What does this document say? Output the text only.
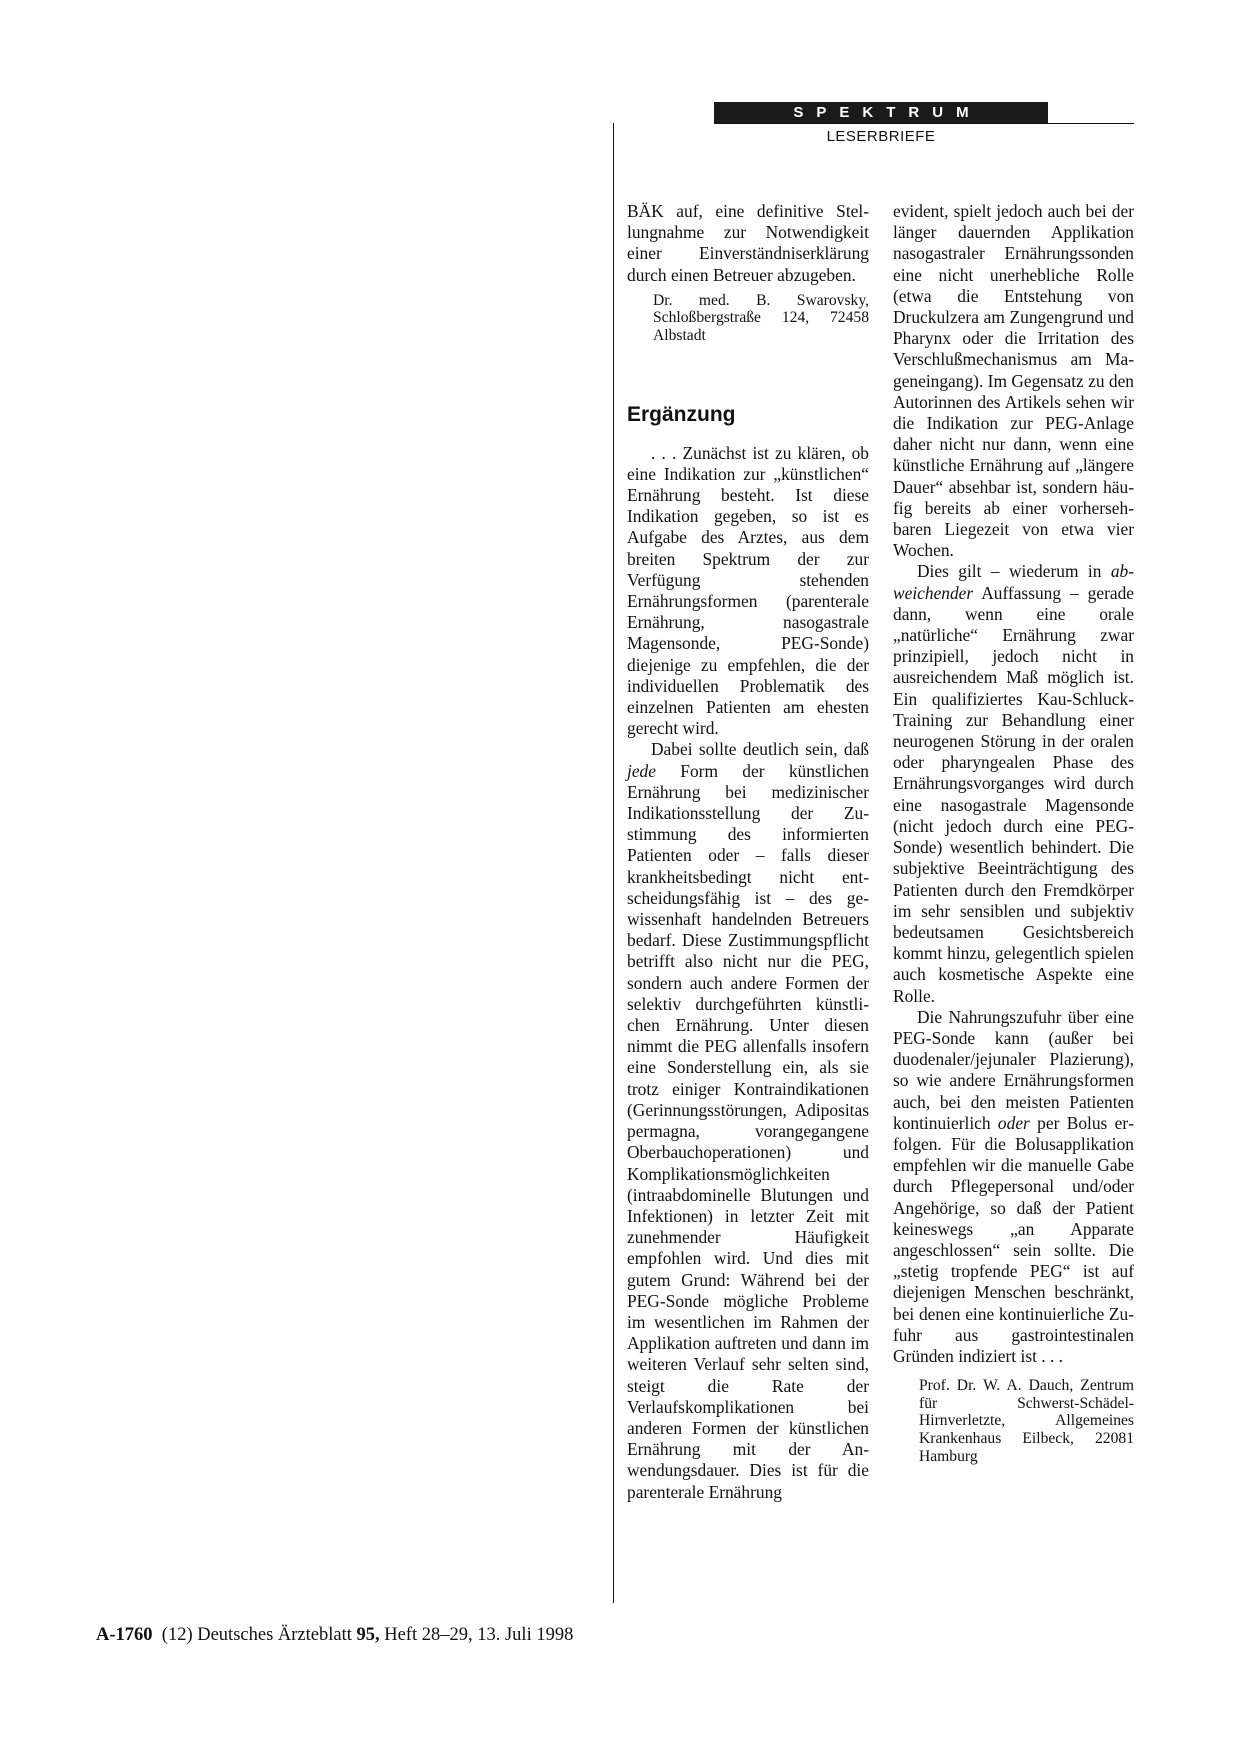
SPEKTRUM
LESERBRIEFE

BÄK auf, eine definitive Stellungnahme zur Notwendigkeit einer Einverständniserklärung durch einen Betreuer abzugeben.

Dr. med. B. Swarovsky, Schloßbergstraße 124, 72458 Albstadt
Ergänzung

. . . Zunächst ist zu klären, ob eine Indikation zur „künstlichen“ Ernährung besteht. Ist diese Indikation gegeben, so ist es Aufgabe des Arztes, aus dem breiten Spektrum der zur Verfügung stehenden Ernährungsformen (parenterale Ernährung, nasogastrale Magensonde, PEG-Sonde) diejenige zu empfehlen, die der individuellen Problematik des einzelnen Patienten am ehesten gerecht wird.

Dabei sollte deutlich sein, daß jede Form der künstlichen Ernährung bei medizinischer Indikationsstellung der Zustimmung des informierten Patienten oder – falls dieser krankheitsbedingt nicht entscheidungsfähig ist – des gewissenhaft handelnden Betreuers bedarf. Diese Zustimmungspflicht betrifft also nicht nur die PEG, sondern auch andere Formen der selektiv durchgeführten künstlichen Ernährung. Unter diesen nimmt die PEG allenfalls insofern eine Sonderstellung ein, als sie trotz einiger Kontraindikationen (Gerinnungsstörungen, Adipositas permagna, vorangegangene Oberbauchoperationen) und Komplikationsmöglichkeiten (intraabdominelle Blutungen und Infektionen) in letzter Zeit mit zunehmender Häufigkeit empfohlen wird. Und dies mit gutem Grund: Während bei der PEG-Sonde mögliche Probleme im wesentlichen im Rahmen der Applikation auftreten und dann im weiteren Verlauf sehr selten sind, steigt die Rate der Verlaufskomplikationen bei anderen Formen der künstlichen Ernährung mit der Anwendungsdauer. Dies ist für die parenterale Ernährung

evident, spielt jedoch auch bei der länger dauernden Applikation nasogastraler Ernährungssonden eine nicht unerhebliche Rolle (etwa die Entstehung von Druckulzera am Zungengrund und Pharynx oder die Irritation des Verschlußmechanismus am Mageneingang). Im Gegensatz zu den Autorinnen des Artikels sehen wir die Indikation zur PEG-Anlage daher nicht nur dann, wenn eine künstliche Ernährung auf „längere Dauer“ absehbar ist, sondern häufig bereits ab einer vorhersehbaren Liegezeit von etwa vier Wochen.

Dies gilt – wiederum in abweichender Auffassung – gerade dann, wenn eine orale „natürliche“ Ernährung zwar prinzipiell, jedoch nicht in ausreichendem Maß möglich ist. Ein qualifiziertes Kau-Schluck-Training zur Behandlung einer neurogenen Störung in der oralen oder pharyngealen Phase des Ernährungsvorganges wird durch eine nasogastrale Magensonde (nicht jedoch durch eine PEG-Sonde) wesentlich behindert. Die subjektive Beeinträchtigung des Patienten durch den Fremdkörper im sehr sensiblen und subjektiv bedeutsamen Gesichtsbereich kommt hinzu, gelegentlich spielen auch kosmetische Aspekte eine Rolle.

Die Nahrungszufuhr über eine PEG-Sonde kann (außer bei duodenaler/jejunaler Plazierung), so wie andere Ernährungsformen auch, bei den meisten Patienten kontinuierlich oder per Bolus erfolgen. Für die Bolusapplikation empfehlen wir die manuelle Gabe durch Pflegepersonal und/oder Angehörige, so daß der Patient keineswegs „an Apparate angeschlossen“ sein sollte. Die „stetig tropfende PEG“ ist auf diejenigen Menschen beschränkt, bei denen eine kontinuierliche Zufuhr aus gastrointestinalen Gründen indiziert ist . . .

Prof. Dr. W. A. Dauch, Zentrum für Schwerst-Schädel-Hirnverletzte, Allgemeines Krankenhaus Eilbeck, 22081 Hamburg
A-1760 (12) Deutsches Ärzteblatt 95, Heft 28–29, 13. Juli 1998
